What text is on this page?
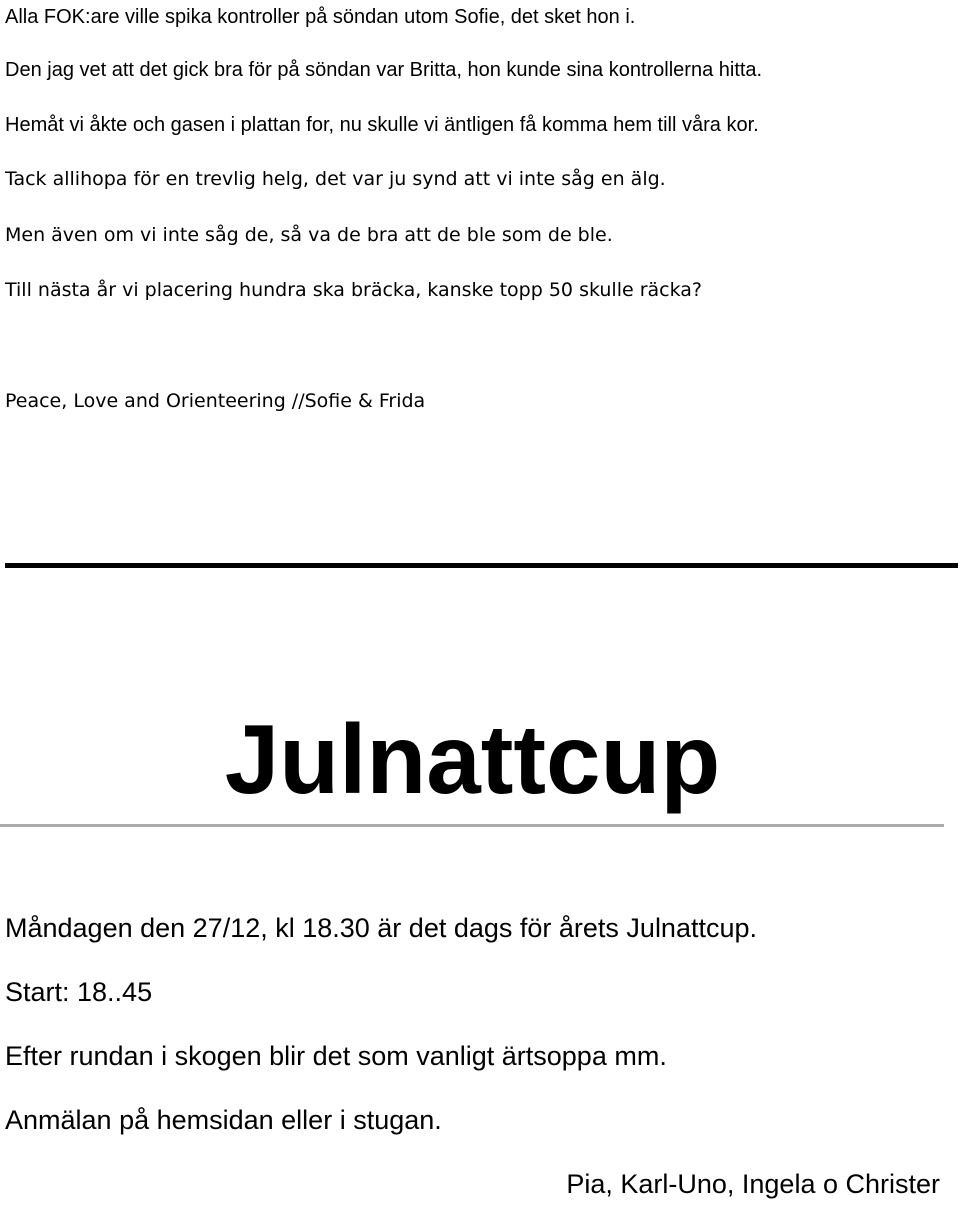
Alla FOK:are ville spika kontroller på söndan utom Sofie, det sket hon i.

Den jag vet att det gick bra för på söndan var Britta, hon kunde sina kontrollerna hitta.

Hemåt vi åkte och gasen i plattan for, nu skulle vi äntligen få komma hem till våra kor.

Tack allihopa för en trevlig helg, det var ju synd att vi inte såg en älg.

Men även om vi inte såg de, så va de bra att de ble som de ble.

Till nästa år vi placering hundra ska bräcka, kanske topp 50 skulle räcka?

Peace, Love and Orienteering //Sofie & Frida

Julnattcup

Måndagen den 27/12, kl 18.30 är det dags för årets Julnattcup.

Start: 18..45

Efter rundan i skogen blir det som vanligt ärtsoppa mm.

Anmälan på hemsidan eller i stugan.

Pia, Karl-Uno, Ingela o Christer
